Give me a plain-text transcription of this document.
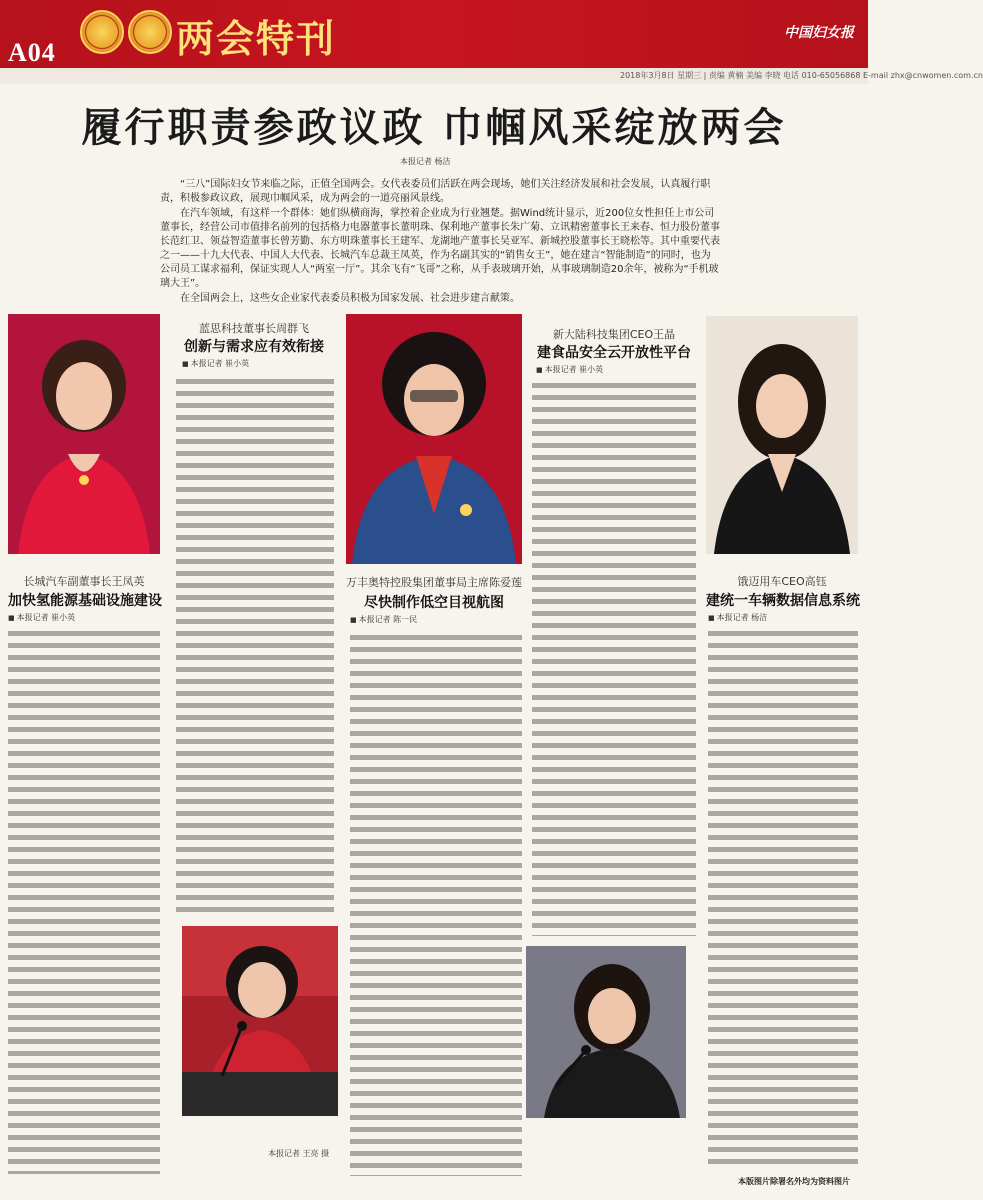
A04	两会特刊	中国妇女报
2018年3月8日 星期三 | 责编 黄楠 美编 李晓 电话 010-65056868 E-mail zhx@cnwomen.com.cn
履行职责参政议政 巾帼风采绽放两会
本报记者 杨洁

“三八”国际妇女节来临之际，正值全国两会。女代表委员们活跃在两会现场，她们关注经济发展和社会发展，认真履行职责，积极参政议政，展现巾帼风采，成为两会的一道亮丽风景线。

在汽车领域，有这样一个群体：她们纵横商海，掌控着企业成为行业翘楚。据Wind统计显示，近200位女性担任上市公司董事长，经营公司市值排名前列的包括格力电器董事长董明珠、保利地产董事长朱广菊、立讯精密董事长王来春、恒力股份董事长范红卫、领益智造董事长曾芳勤、东方明珠董事长王建军、龙湖地产董事长吴亚军、新城控股董事长王晓松等。其中重要代表之一——十九大代表、中国人大代表、长城汽车总裁王凤英，作为名副其实的“销售女王”，她在建言“智能制造”的同时，也为公司员工谋求福利，保证实现人人“两室一厅”。其余飞有“飞哥”之称，从手表玻璃开始，从事玻璃制造20余年，被称为“手机玻璃大王”。

在全国两会上，这些女企业家代表委员积极为国家发展、社会进步建言献策。

长城汽车副董事长王凤英
加快氢能源基础设施建设
■ 本报记者 崔小英
蓝思科技董事长周群飞
创新与需求应有效衔接
■ 本报记者 崔小英
本报记者 王亮 摄
万丰奥特控股集团董事局主席陈爱莲
尽快制作低空目视航图
■ 本报记者 陈一民
新大陆科技集团CEO王晶
建食品安全云开放性平台
■ 本报记者 崔小英
饿迈用车CEO高钰
建统一车辆数据信息系统
■ 本报记者 杨洁
本版图片除署名外均为资料图片
